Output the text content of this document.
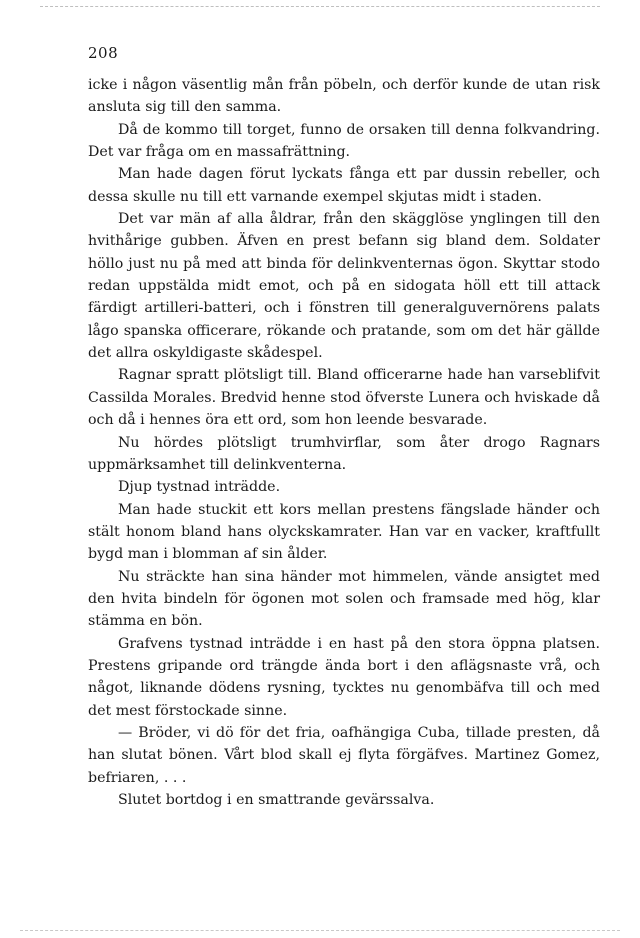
208

icke i någon väsentlig mån från pöbeln, och derför kunde de utan risk ansluta sig till den samma.

Då de kommo till torget, funno de orsaken till denna folkvandring. Det var fråga om en massafrättning.

Man hade dagen förut lyckats fånga ett par dussin rebeller, och dessa skulle nu till ett varnande exempel skjutas midt i staden.

Det var män af alla åldrar, från den skägglöse ynglingen till den hvithårige gubben. Äfven en prest befann sig bland dem. Soldater höllo just nu på med att binda för delinkventernas ögon. Skyttar stodo redan uppstälda midt emot, och på en sidogata höll ett till attack färdigt artilleri-batteri, och i fönstren till generalguvernörens palats lågo spanska officerare, rökande och pratande, som om det här gällde det allra oskyldigaste skådespel.

Ragnar spratt plötsligt till. Bland officerarne hade han varseblifvit Cassilda Morales. Bredvid henne stod öfverste Lunera och hviskade då och då i hennes öra ett ord, som hon leende besvarade.

Nu hördes plötsligt trumhvirflar, som åter drogo Ragnars uppmärksamhet till delinkventerna.

Djup tystnad inträdde.

Man hade stuckit ett kors mellan prestens fängslade händer och stält honom bland hans olyckskamrater. Han var en vacker, kraftfullt bygd man i blomman af sin ålder.

Nu sträckte han sina händer mot himmelen, vände ansigtet med den hvita bindeln för ögonen mot solen och framsade med hög, klar stämma en bön.

Grafvens tystnad inträdde i en hast på den stora öppna platsen. Prestens gripande ord trängde ända bort i den aflägsnaste vrå, och något, liknande dödens rysning, tycktes nu genombäfva till och med det mest förstockade sinne.

— Bröder, vi dö för det fria, oafhängiga Cuba, tillade presten, då han slutat bönen. Vårt blod skall ej flyta förgäfves. Martinez Gomez, befriaren, . . .

Slutet bortdog i en smattrande gevärssalva.
